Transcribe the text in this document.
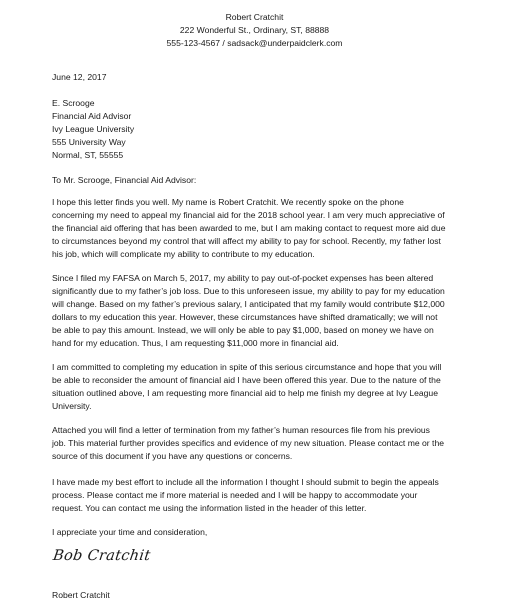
Robert Cratchit
222 Wonderful St., Ordinary, ST, 88888
555-123-4567 / sadsack@underpaidclerk.com
June 12, 2017
E. Scrooge
Financial Aid Advisor
Ivy League University
555 University Way
Normal, ST, 55555
To Mr. Scrooge, Financial Aid Advisor:

I hope this letter finds you well. My name is Robert Cratchit. We recently spoke on the phone

concerning my need to appeal my financial aid for the 2018 school year. I am very much appreciative of

the financial aid offering that has been awarded to me, but I am making contact to request more aid due

to circumstances beyond my control that will affect my ability to pay for school. Recently, my father lost

his job, which will complicate my ability to contribute to my education.

Since I filed my FAFSA on March 5, 2017, my ability to pay out-of-pocket expenses has been altered

significantly due to my father’s job loss. Due to this unforeseen issue, my ability to pay for my education

will change. Based on my father’s previous salary, I anticipated that my family would contribute $12,000

dollars to my education this year. However, these circumstances have shifted dramatically; we will not

be able to pay this amount. Instead, we will only be able to pay $1,000, based on money we have on

hand for my education. Thus, I am requesting $11,000 more in financial aid.

I am committed to completing my education in spite of this serious circumstance and hope that you will

be able to reconsider the amount of financial aid I have been offered this year. Due to the nature of the

situation outlined above, I am requesting more financial aid to help me finish my degree at Ivy League

University.

Attached you will find a letter of termination from my father’s human resources file from his previous

job. This material further provides specifics and evidence of my new situation. Please contact me or the

source of this document if you have any questions or concerns.

I have made my best effort to include all the information I thought I should submit to begin the appeals

process. Please contact me if more material is needed and I will be happy to accommodate your

request. You can contact me using the information listed in the header of this letter.

I appreciate your time and consideration,
Bob Cratchit
Robert Cratchit
